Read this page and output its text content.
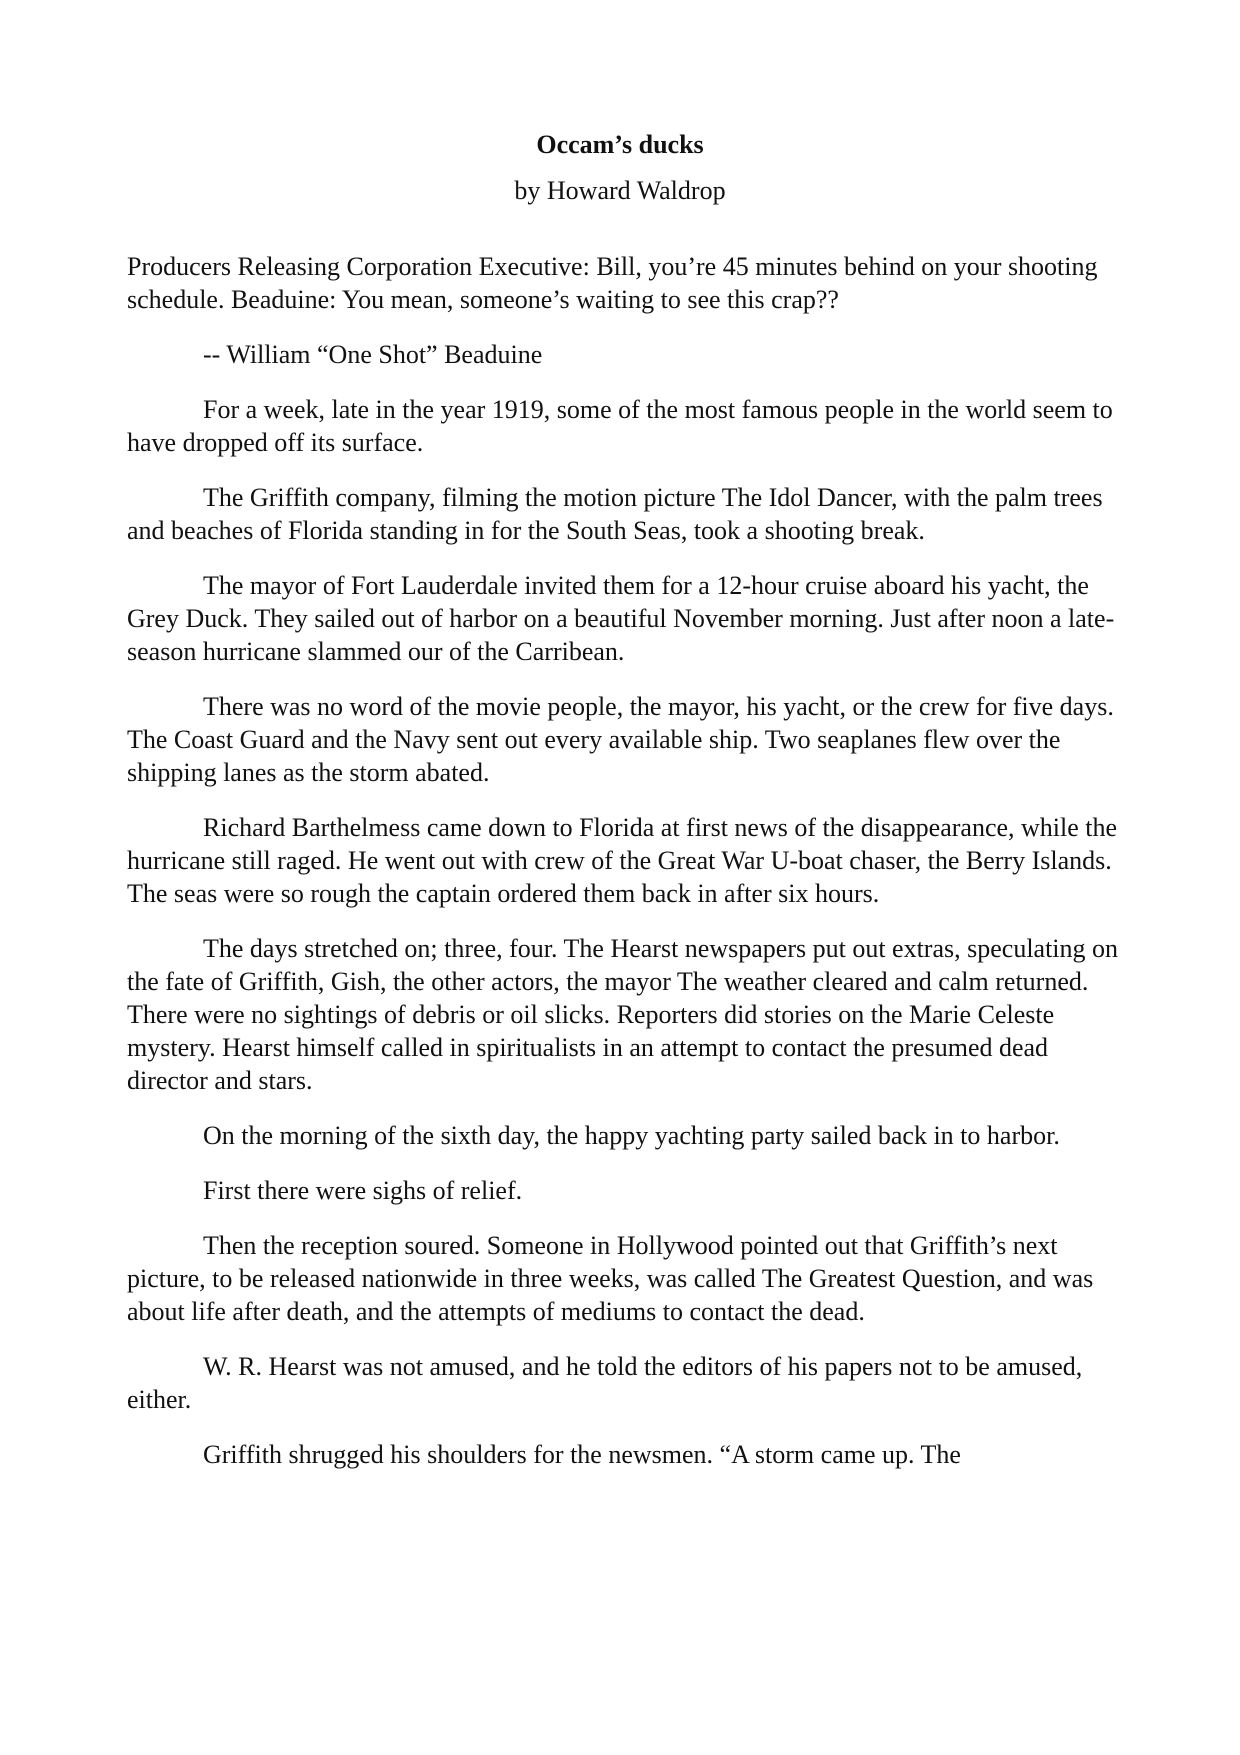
Occam’s ducks
by Howard Waldrop

Producers Releasing Corporation Executive: Bill, you’re 45 minutes behind on your shooting schedule. Beaduine: You mean, someone’s waiting to see this crap??

-- William “One Shot” Beaduine

For a week, late in the year 1919, some of the most famous people in the world seem to have dropped off its surface.

The Griffith company, filming the motion picture The Idol Dancer, with the palm trees and beaches of Florida standing in for the South Seas, took a shooting break.

The mayor of Fort Lauderdale invited them for a 12-hour cruise aboard his yacht, the Grey Duck. They sailed out of harbor on a beautiful November morning. Just after noon a late-season hurricane slammed our of the Carribean.

There was no word of the movie people, the mayor, his yacht, or the crew for five days. The Coast Guard and the Navy sent out every available ship. Two seaplanes flew over the shipping lanes as the storm abated.

Richard Barthelmess came down to Florida at first news of the disappearance, while the hurricane still raged. He went out with crew of the Great War U-boat chaser, the Berry Islands. The seas were so rough the captain ordered them back in after six hours.

The days stretched on; three, four. The Hearst newspapers put out extras, speculating on the fate of Griffith, Gish, the other actors, the mayor The weather cleared and calm returned. There were no sightings of debris or oil slicks. Reporters did stories on the Marie Celeste mystery. Hearst himself called in spiritualists in an attempt to contact the presumed dead director and stars.

On the morning of the sixth day, the happy yachting party sailed back in to harbor.

First there were sighs of relief.

Then the reception soured. Someone in Hollywood pointed out that Griffith’s next picture, to be released nationwide in three weeks, was called The Greatest Question, and was about life after death, and the attempts of mediums to contact the dead.

W. R. Hearst was not amused, and he told the editors of his papers not to be amused, either.

Griffith shrugged his shoulders for the newsmen. “A storm came up. The
